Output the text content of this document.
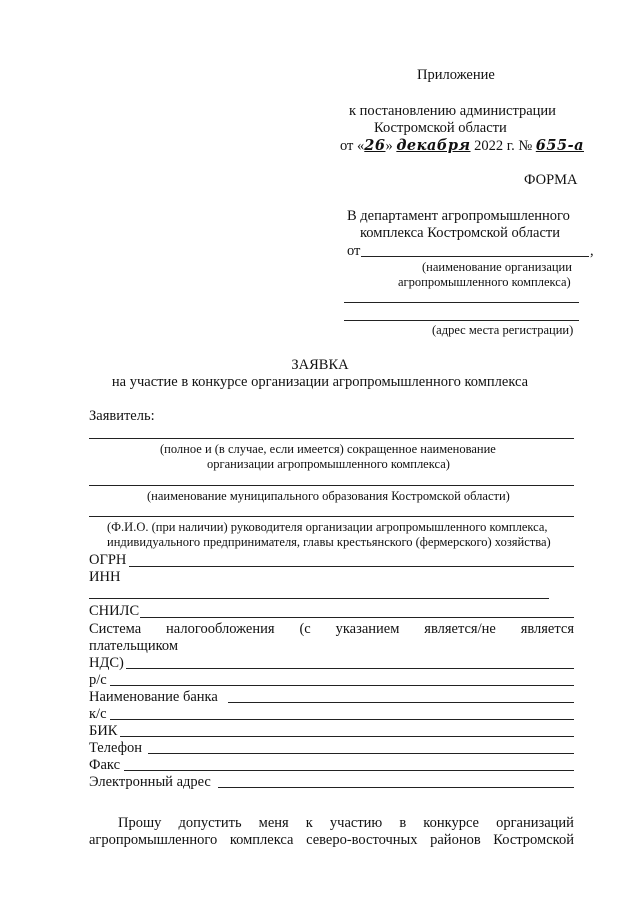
Приложение
к постановлению администрации
Костромской области
от «26» декабря 2022 г. № 655-а
ФОРМА
В департамент агропромышленного
комплекса Костромской области
от	,
(наименование организации
агропромышленного комплекса)
(адрес места регистрации)
ЗАЯВКА
на участие в конкурсе организации агропромышленного комплекса
Заявитель:
(полное и (в случае, если имеется) сокращенное наименование
организации агропромышленного комплекса)
(наименование муниципального образования Костромской области)
(Ф.И.О. (при наличии) руководителя организации агропромышленного комплекса,
индивидуального предпринимателя, главы крестьянского (фермерского) хозяйства)
ОГРН
ИНН
СНИЛС
Система налогообложения (с указанием является/не является
плательщиком
НДС)
р/с
Наименование банка
к/с
БИК
Телефон
Факс
Электронный адрес
Прошу допустить меня к участию в конкурсе организаций
агропромышленного комплекса северо-восточных районов Костромской
